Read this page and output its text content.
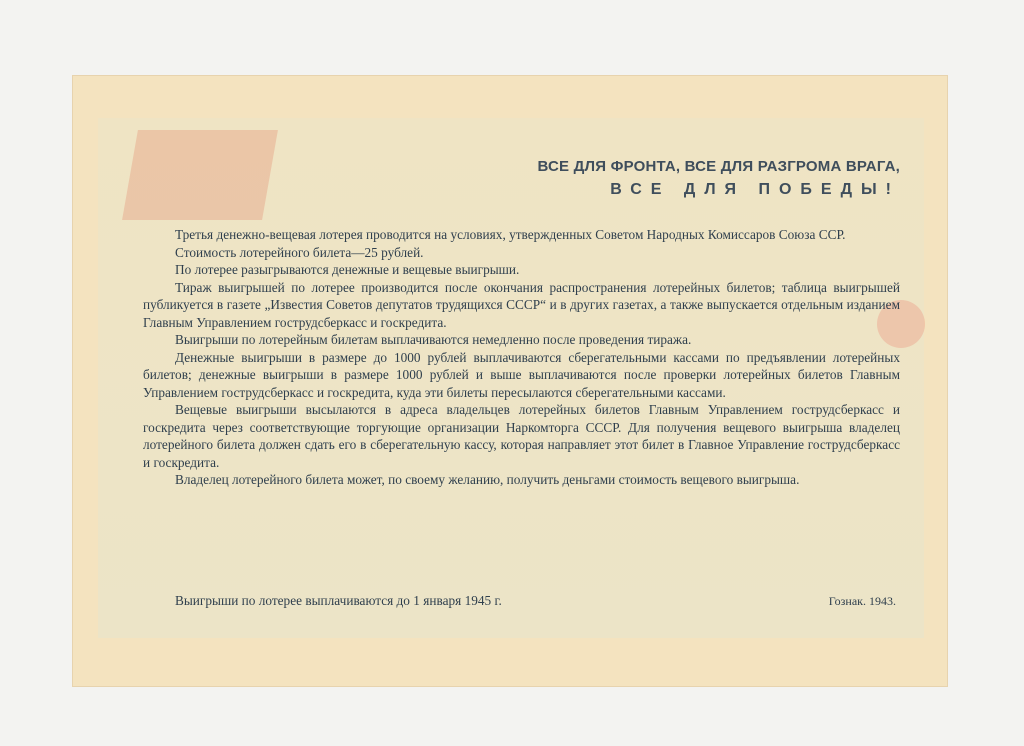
ВСЕ ДЛЯ ФРОНТА, ВСЕ ДЛЯ РАЗГРОМА ВРАГА,
ВСЕ ДЛЯ ПОБЕДЫ!

Третья денежно-вещевая лотерея проводится на условиях, утвержденных Советом Народных Комиссаров Союза ССР.

Стоимость лотерейного билета—25 рублей.

По лотерее разыгрываются денежные и вещевые выигрыши.

Тираж выигрышей по лотерее производится после окончания распространения лотерейных билетов; таблица выигрышей публикуется в газете „Известия Советов депутатов трудящихся СССР“ и в других газетах, а также выпускается отдельным изданием Главным Управлением гострудсберкасс и госкредита.

Выигрыши по лотерейным билетам выплачиваются немедленно после проведения тиража.

Денежные выигрыши в размере до 1000 рублей выплачиваются сберегательными кассами по предъявлении лотерейных билетов; денежные выигрыши в размере 1000 рублей и выше выплачиваются после проверки лотерейных билетов Главным Управлением гострудсберкасс и госкредита, куда эти билеты пересылаются сберегательными кассами.

Вещевые выигрыши высылаются в адреса владельцев лотерейных билетов Главным Управлением гострудсберкасс и госкредита через соответствующие торгующие организации Наркомторга СССР. Для получения вещевого выигрыша владелец лотерейного билета должен сдать его в сберегательную кассу, которая направляет этот билет в Главное Управление гострудсберкасс и госкредита.

Владелец лотерейного билета может, по своему желанию, получить деньгами стоимость вещевого выигрыша.

Выигрыши по лотерее выплачиваются до 1 января 1945 г.	Гознак. 1943.
